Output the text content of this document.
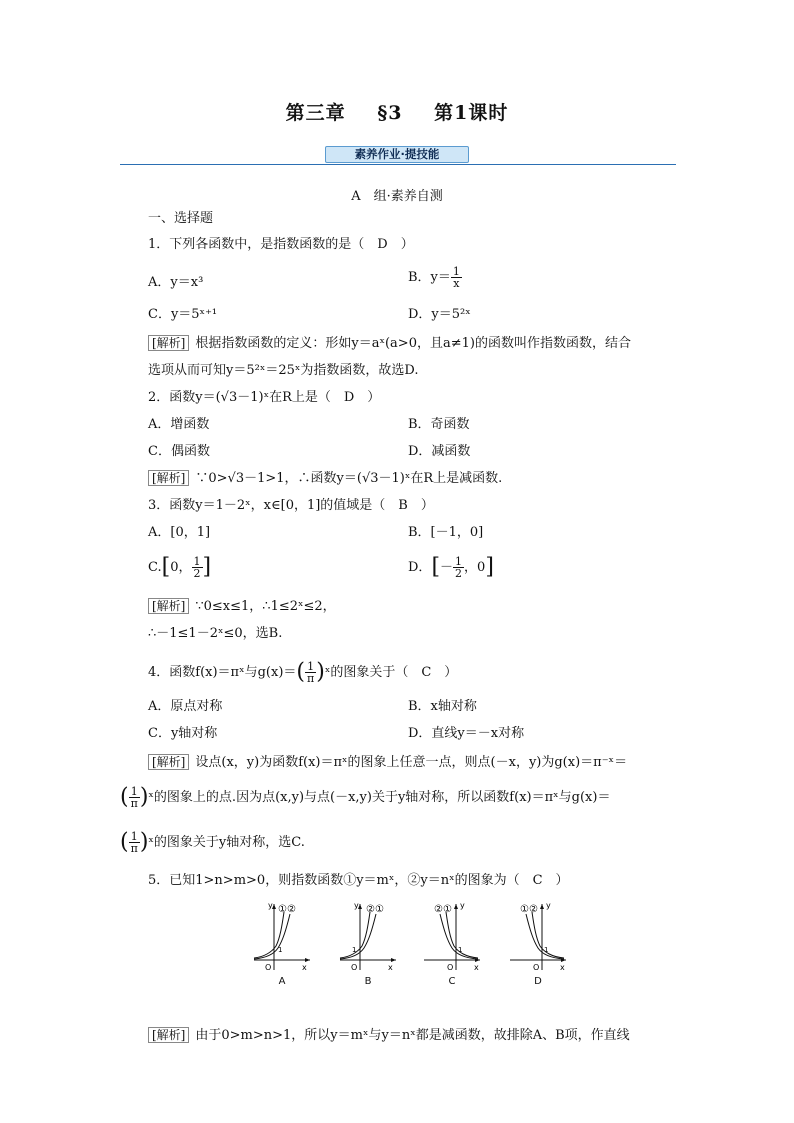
第三章 §3 第1课时
素养作业·提技能
A　组·素养自测
一、选择题
1．下列各函数中，是指数函数的是（　D　）
A．y＝x³	B．$y= \frac{1}{x}$
C．y＝5ˣ⁺¹	D．y＝5²ˣ
[解析] 根据指数函数的定义：形如y＝aˣ(a>0，且a≠1)的函数叫作指数函数，结合
选项从而可知y＝5²ˣ＝25ˣ为指数函数，故选D.
2．函数y＝(√3－1)ˣ在R上是（　D　）
A．增函数	B．奇函数
C．偶函数	D．减函数
[解析] ∵0>√3－1>1，∴函数y＝(√3－1)ˣ在R上是减函数.
3．函数y＝1－2ˣ，x∈[0，1]的值域是（　B　）
A．[0，1]	B．[－1，0]
C.[0， $\frac{1}{2}$ ]	D．[－ $\frac{1}{2}$ ，0]
[解析] ∵0≤x≤1，∴1≤2ˣ≤2，
∴－1≤1－2ˣ≤0，选B.
4．函数f(x)＝πˣ与$g(x)=( \frac{1}{\pi}$ )ˣ的图象关于（　C　）
A．原点对称	B．x轴对称
C．y轴对称	D．直线y＝－x对称
[解析] 设点(x，y)为函数f(x)＝πˣ的图象上任意一点，则点(－x，y)为g(x)＝π⁻ˣ＝
( $\frac{1}{\pi}$ )ˣ的图象上的点.因为点(x,y)与点(－x,y)关于y轴对称，所以函数f(x)＝πˣ与g(x)＝
( $\frac{1}{\pi}$ )ˣ的图象关于y轴对称，选C.
5．已知1>n>m>0，则指数函数①y＝mˣ，②y＝nˣ的图象为（　C　）
y
x
O
1
①②
A
y
x
O
1
②①
B
y
x
O
1
②①
C
y
x
O
1
①②
D
[解析] 由于0>m>n>1，所以y＝mˣ与y＝nˣ都是减函数，故排除A、B项，作直线
